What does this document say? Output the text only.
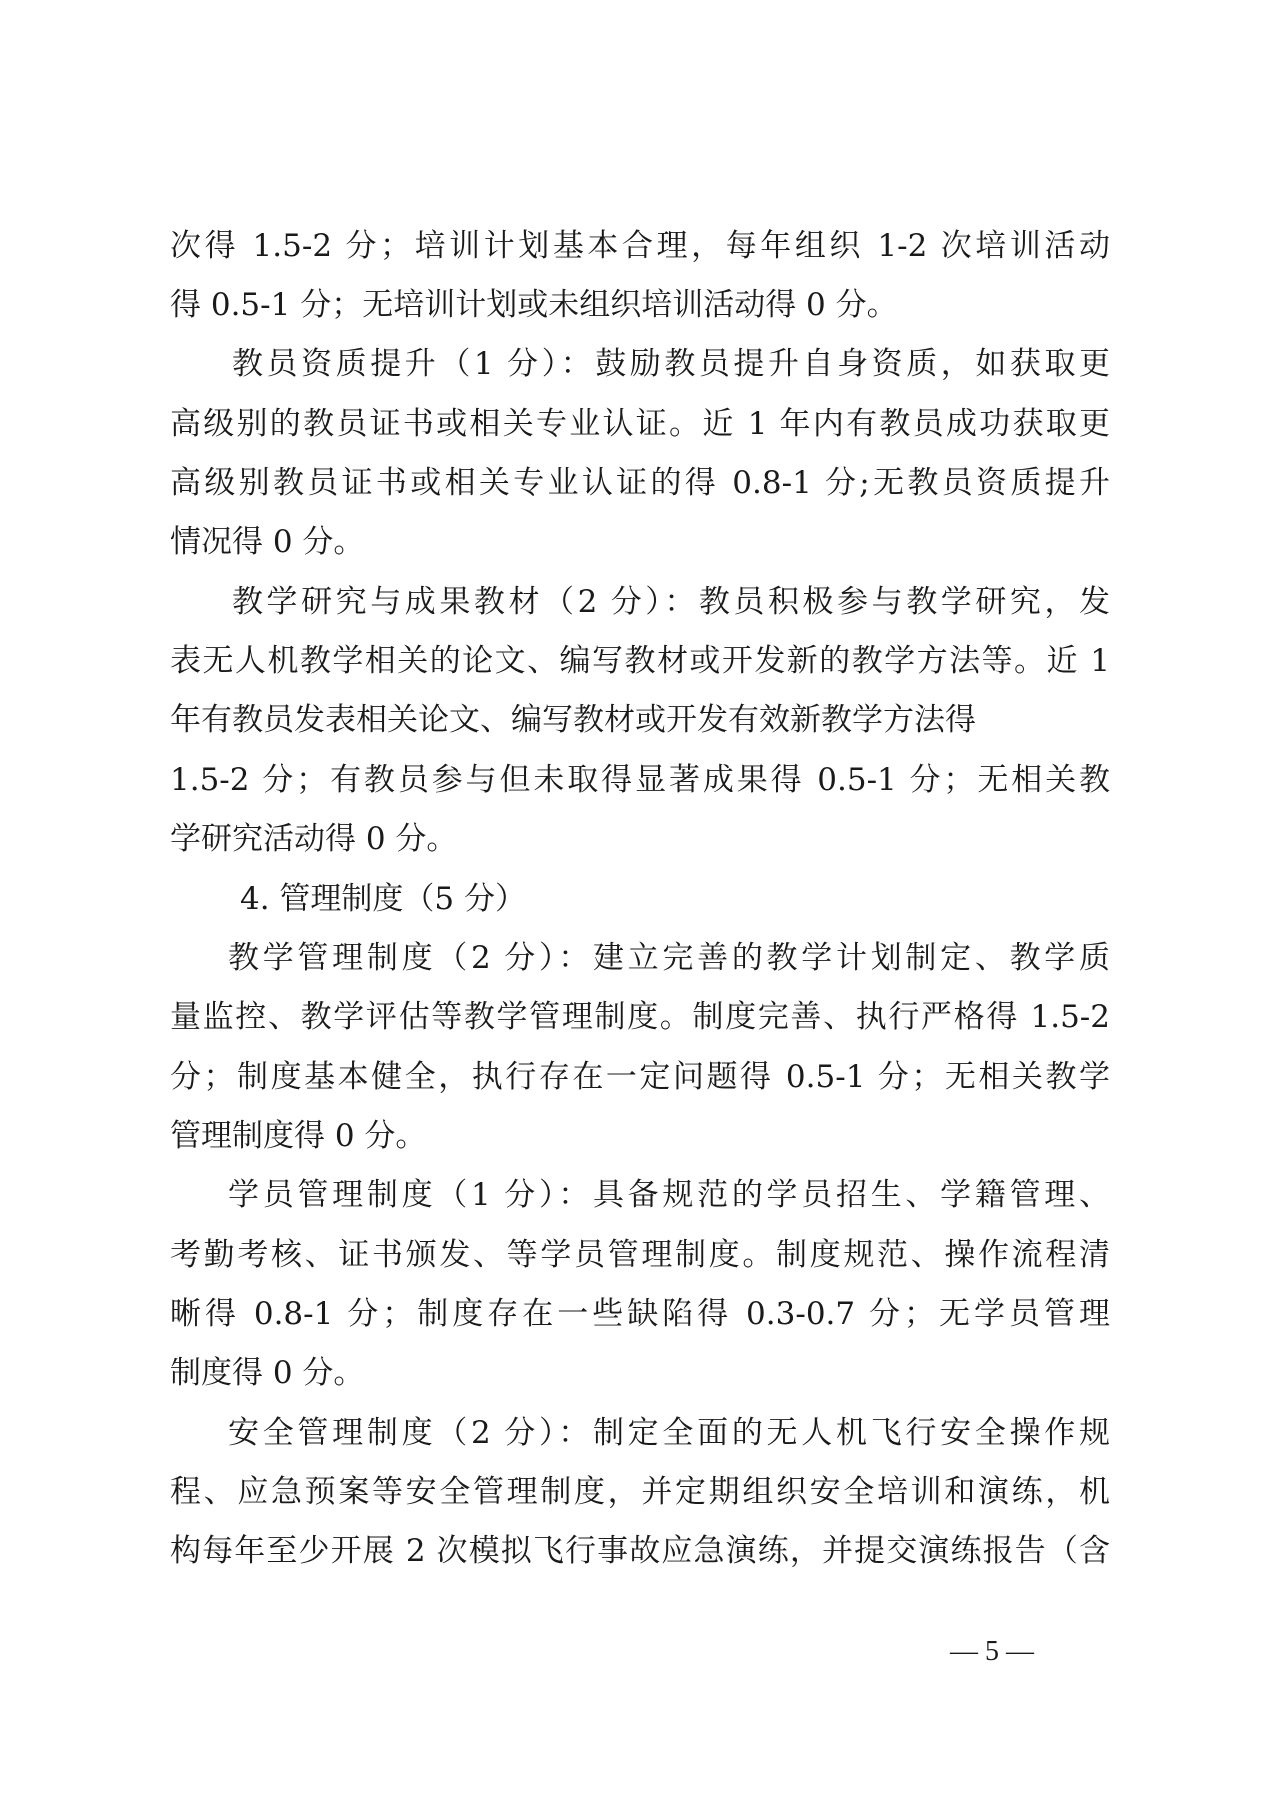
次得 1.5-2 分；培训计划基本合理，每年组织 1-2 次培训活动
得 0.5-1 分；无培训计划或未组织培训活动得 0 分。
教员资质提升（1 分）：鼓励教员提升自身资质，如获取更
高级别的教员证书或相关专业认证。近 1 年内有教员成功获取更
高级别教员证书或相关专业认证的得 0.8-1 分;无教员资质提升
情况得 0 分。
教学研究与成果教材（2 分）：教员积极参与教学研究，发
表无人机教学相关的论文、编写教材或开发新的教学方法等。近 1
年有教员发表相关论文、编写教材或开发有效新教学方法得
1.5-2 分；有教员参与但未取得显著成果得 0.5-1 分；无相关教
学研究活动得 0 分。
4. 管理制度（5 分）
教学管理制度（2 分）：建立完善的教学计划制定、教学质
量监控、教学评估等教学管理制度。制度完善、执行严格得 1.5-2
分；制度基本健全，执行存在一定问题得 0.5-1 分；无相关教学
管理制度得 0 分。
学员管理制度（1 分）：具备规范的学员招生、学籍管理、
考勤考核、证书颁发、等学员管理制度。制度规范、操作流程清
晰得 0.8-1 分；制度存在一些缺陷得 0.3-0.7 分；无学员管理
制度得 0 分。
安全管理制度（2 分）：制定全面的无人机飞行安全操作规
程、应急预案等安全管理制度，并定期组织安全培训和演练，机
构每年至少开展 2 次模拟飞行事故应急演练，并提交演练报告（含
— 5 —
